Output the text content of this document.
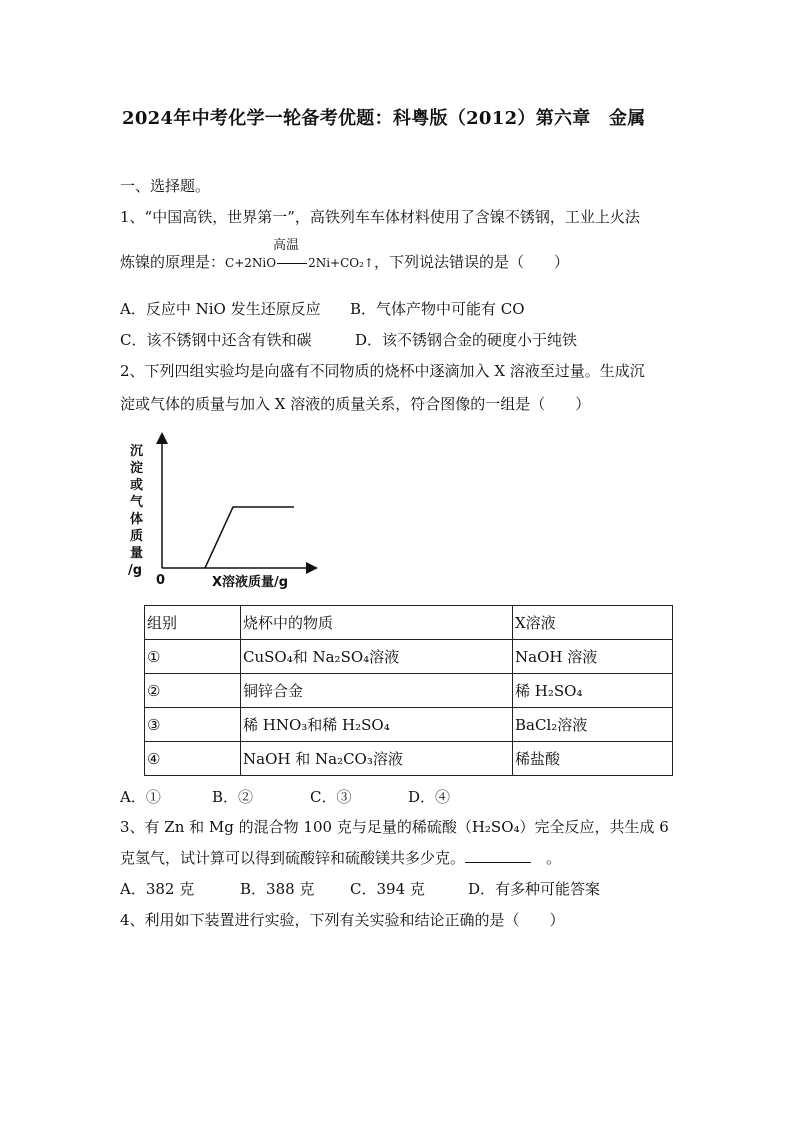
2024年中考化学一轮备考优题：科粤版（2012）第六章　金属
一、选择题。
1、“中国高铁，世界第一”，高铁列车车体材料使用了含镍不锈钢，工业上火法
炼镍的原理是：C+2NiO
高温
2Ni+CO₂↑，下列说法错误的是（　　）
A．反应中 NiO 发生还原反应 B．气体产物中可能有 CO
C．该不锈钢中还含有铁和碳	D．该不锈钢合金的硬度小于纯铁
2、下列四组实验均是向盛有不同物质的烧杯中逐滴加入 X 溶液至过量。生成沉
淀或气体的质量与加入 X 溶液的质量关系，符合图像的一组是（　　）
沉
淀
或
气
体
质
量
/g
0	X溶液质量/g
组别	烧杯中的物质	X溶液
①	CuSO₄和 Na₂SO₄溶液	NaOH 溶液
②	铜锌合金	稀 H₂SO₄
③	稀 HNO₃和稀 H₂SO₄	BaCl₂溶液
④	NaOH 和 Na₂CO₃溶液	稀盐酸
A．①	B．②	C．③	D．④
3、有 Zn 和 Mg 的混合物 100 克与足量的稀硫酸（H₂SO₄）完全反应，共生成 6
克氢气，试计算可以得到硫酸锌和硫酸镁共多少克。	　。
A．382 克	B．388 克 C．394 克	D．有多种可能答案
4、利用如下装置进行实验，下列有关实验和结论正确的是（　　）
